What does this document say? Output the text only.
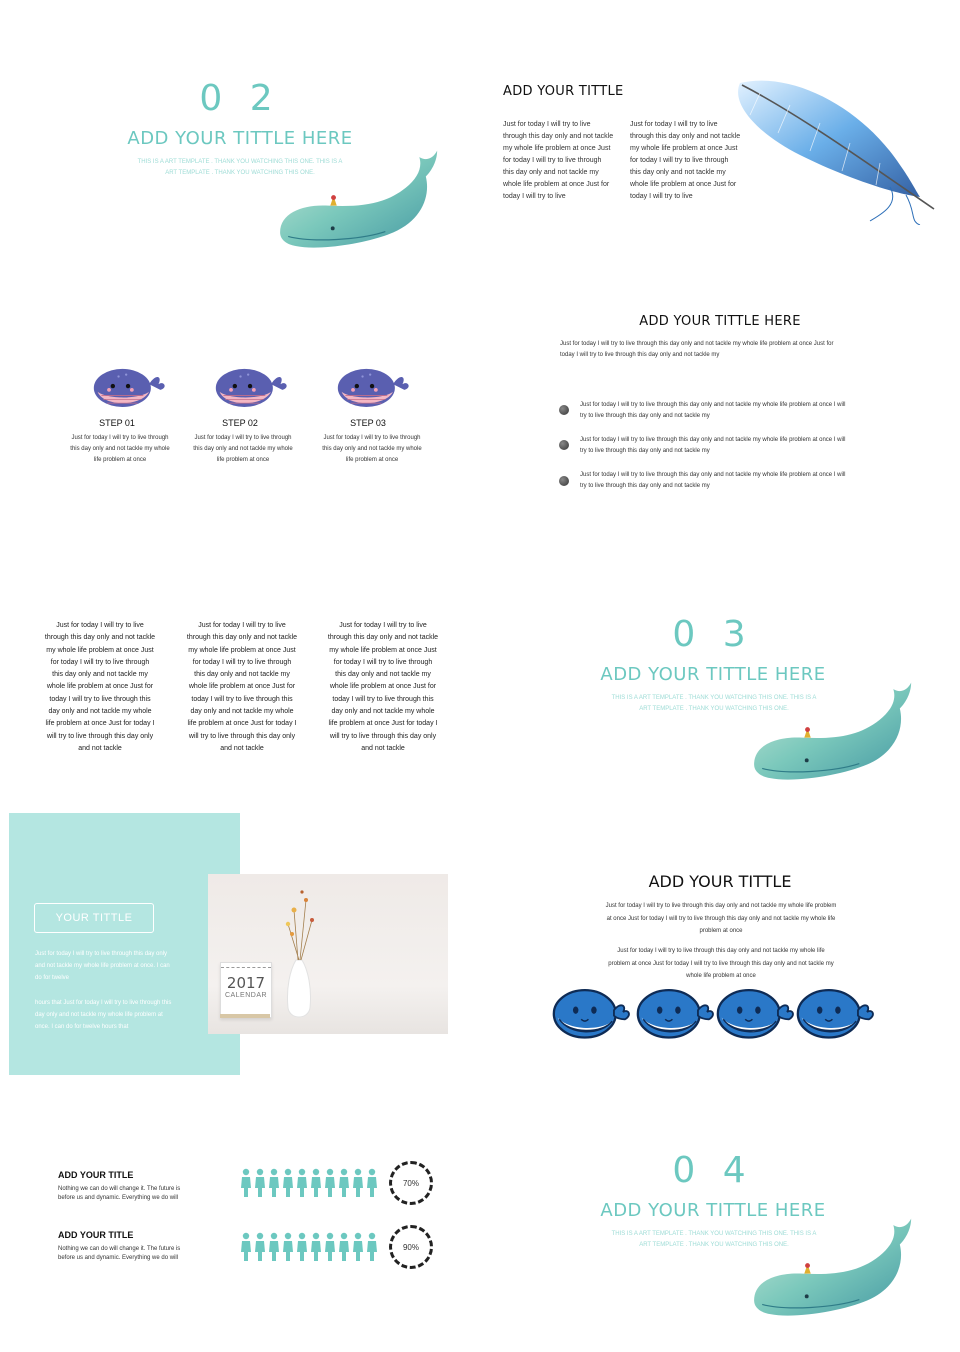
0 2
ADD YOUR TITTLE HERE
THIS IS A ART TEMPLATE . THANK YOU WATCHING THIS ONE. THIS IS A
ART TEMPLATE . THANK YOU WATCHING THIS ONE.
ADD YOUR TITTLE
Just for today I will try to live
through this day only and not tackle
my whole life problem at once Just
for today I will try to live through
this day only and not tackle my
whole life problem at once Just for
today I will try to live
Just for today I will try to live
through this day only and not tackle
my whole life problem at once Just
for today I will try to live through
this day only and not tackle my
whole life problem at once Just for
today I will try to live
STEP 01	STEP 02	STEP 03
Just for today I will try to live through
this day only and not tackle my whole
life problem at once
Just for today I will try to live through
this day only and not tackle my whole
life problem at once
Just for today I will try to live through
this day only and not tackle my whole
life problem at once
ADD YOUR TITTLE HERE
Just for today I will try to live through this day only and not tackle my whole life problem at once Just for
today I will try to live through this day only and not tackle my
Just for today I will try to live through this day only and not tackle my whole life problem at once I will
try to live through this day only and not tackle my
Just for today I will try to live through this day only and not tackle my whole life problem at once I will
try to live through this day only and not tackle my
Just for today I will try to live through this day only and not tackle my whole life problem at once I will
try to live through this day only and not tackle my
Just for today I will try to live
through this day only and not tackle
my whole life problem at once Just
for today I will try to live through
this day only and not tackle my
whole life problem at once Just for
today I will try to live through this
day only and not tackle my whole
life problem at once Just for today I
will try to live through this day only
and not tackle
Just for today I will try to live
through this day only and not tackle
my whole life problem at once Just
for today I will try to live through
this day only and not tackle my
whole life problem at once Just for
today I will try to live through this
day only and not tackle my whole
life problem at once Just for today I
will try to live through this day only
and not tackle
Just for today I will try to live
through this day only and not tackle
my whole life problem at once Just
for today I will try to live through
this day only and not tackle my
whole life problem at once Just for
today I will try to live through this
day only and not tackle my whole
life problem at once Just for today I
will try to live through this day only
and not tackle
0 3
ADD YOUR TITTLE HERE
THIS IS A ART TEMPLATE . THANK YOU WATCHING THIS ONE. THIS IS A
ART TEMPLATE . THANK YOU WATCHING THIS ONE.
YOUR TITTLE
Just for today I will try to live through this day only
and not tackle my whole life problem at once. I can
do for twelve
hours that Just for today I will try to live through this
day only and not tackle my whole life problem at
once. I can do for twelve hours that
2017
CALENDAR
ADD YOUR TITTLE
Just for today I will try to live through this day only and not tackle my whole life problem
at once Just for today I will try to live through this day only and not tackle my whole life
problem at once
Just for today I will try to live through this day only and not tackle my whole life
problem at once Just for today I will try to live through this day only and not tackle my
whole life problem at once
ADD YOUR TITLE
Nothing we can do will change it. The future is
before us and dynamic. Everything we do will
70%
ADD YOUR TITLE
Nothing we can do will change it. The future is
before us and dynamic. Everything we do will
90%
0 4
ADD YOUR TITTLE HERE
THIS IS A ART TEMPLATE . THANK YOU WATCHING THIS ONE. THIS IS A
ART TEMPLATE . THANK YOU WATCHING THIS ONE.
